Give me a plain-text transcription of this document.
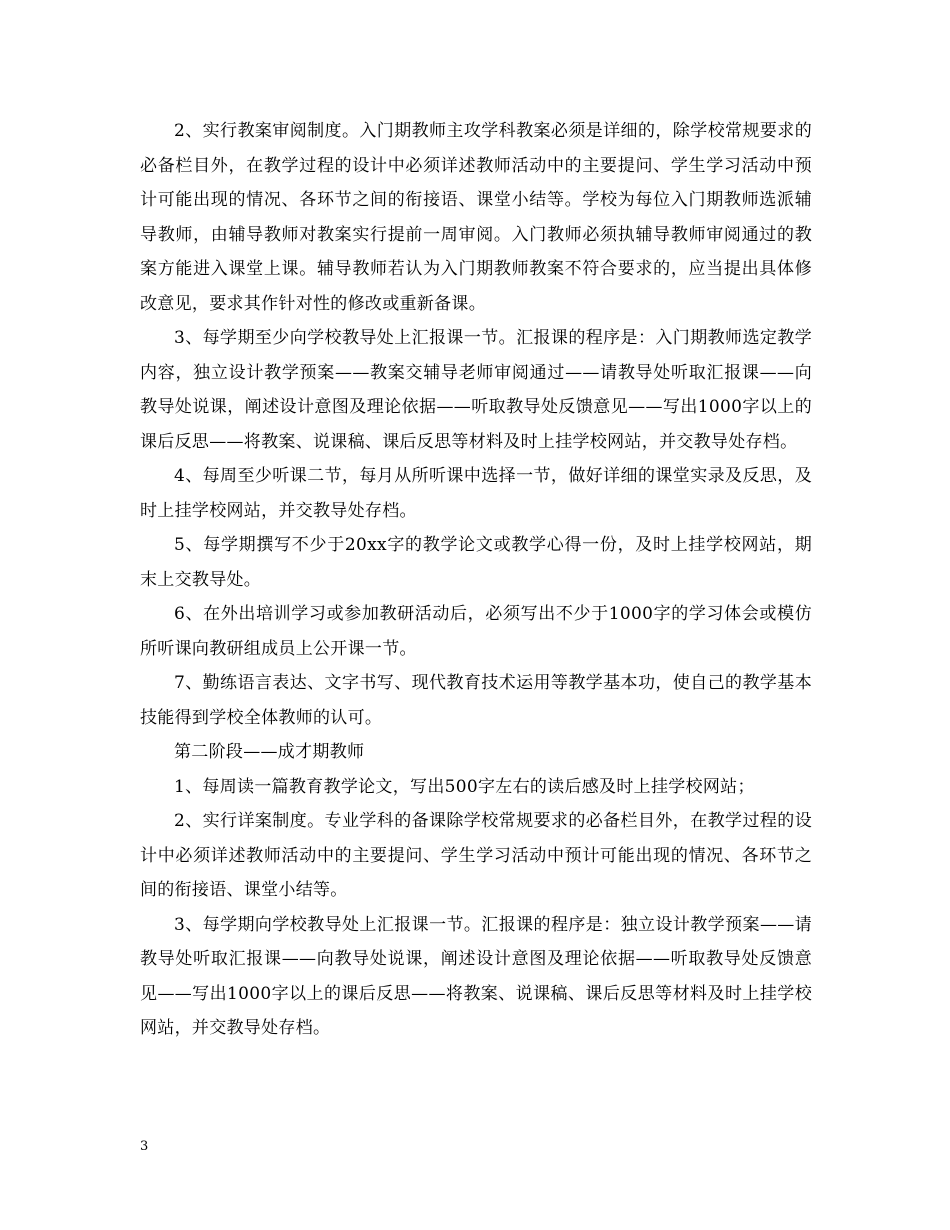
2、实行教案审阅制度。入门期教师主攻学科教案必须是详细的，除学校常规要求的必备栏目外，在教学过程的设计中必须详述教师活动中的主要提问、学生学习活动中预计可能出现的情况、各环节之间的衔接语、课堂小结等。学校为每位入门期教师选派辅导教师，由辅导教师对教案实行提前一周审阅。入门教师必须执辅导教师审阅通过的教案方能进入课堂上课。辅导教师若认为入门期教师教案不符合要求的，应当提出具体修改意见，要求其作针对性的修改或重新备课。

3、每学期至少向学校教导处上汇报课一节。汇报课的程序是：入门期教师选定教学内容，独立设计教学预案——教案交辅导老师审阅通过——请教导处听取汇报课——向教导处说课，阐述设计意图及理论依据——听取教导处反馈意见——写出1000字以上的课后反思——将教案、说课稿、课后反思等材料及时上挂学校网站，并交教导处存档。

4、每周至少听课二节，每月从所听课中选择一节，做好详细的课堂实录及反思，及时上挂学校网站，并交教导处存档。

5、每学期撰写不少于20xx字的教学论文或教学心得一份，及时上挂学校网站，期末上交教导处。

6、在外出培训学习或参加教研活动后，必须写出不少于1000字的学习体会或模仿所听课向教研组成员上公开课一节。

7、勤练语言表达、文字书写、现代教育技术运用等教学基本功，使自己的教学基本技能得到学校全体教师的认可。

第二阶段——成才期教师

1、每周读一篇教育教学论文，写出500字左右的读后感及时上挂学校网站；

2、实行详案制度。专业学科的备课除学校常规要求的必备栏目外，在教学过程的设计中必须详述教师活动中的主要提问、学生学习活动中预计可能出现的情况、各环节之间的衔接语、课堂小结等。

3、每学期向学校教导处上汇报课一节。汇报课的程序是：独立设计教学预案——请教导处听取汇报课——向教导处说课，阐述设计意图及理论依据——听取教导处反馈意见——写出1000字以上的课后反思——将教案、说课稿、课后反思等材料及时上挂学校网站，并交教导处存档。

3
